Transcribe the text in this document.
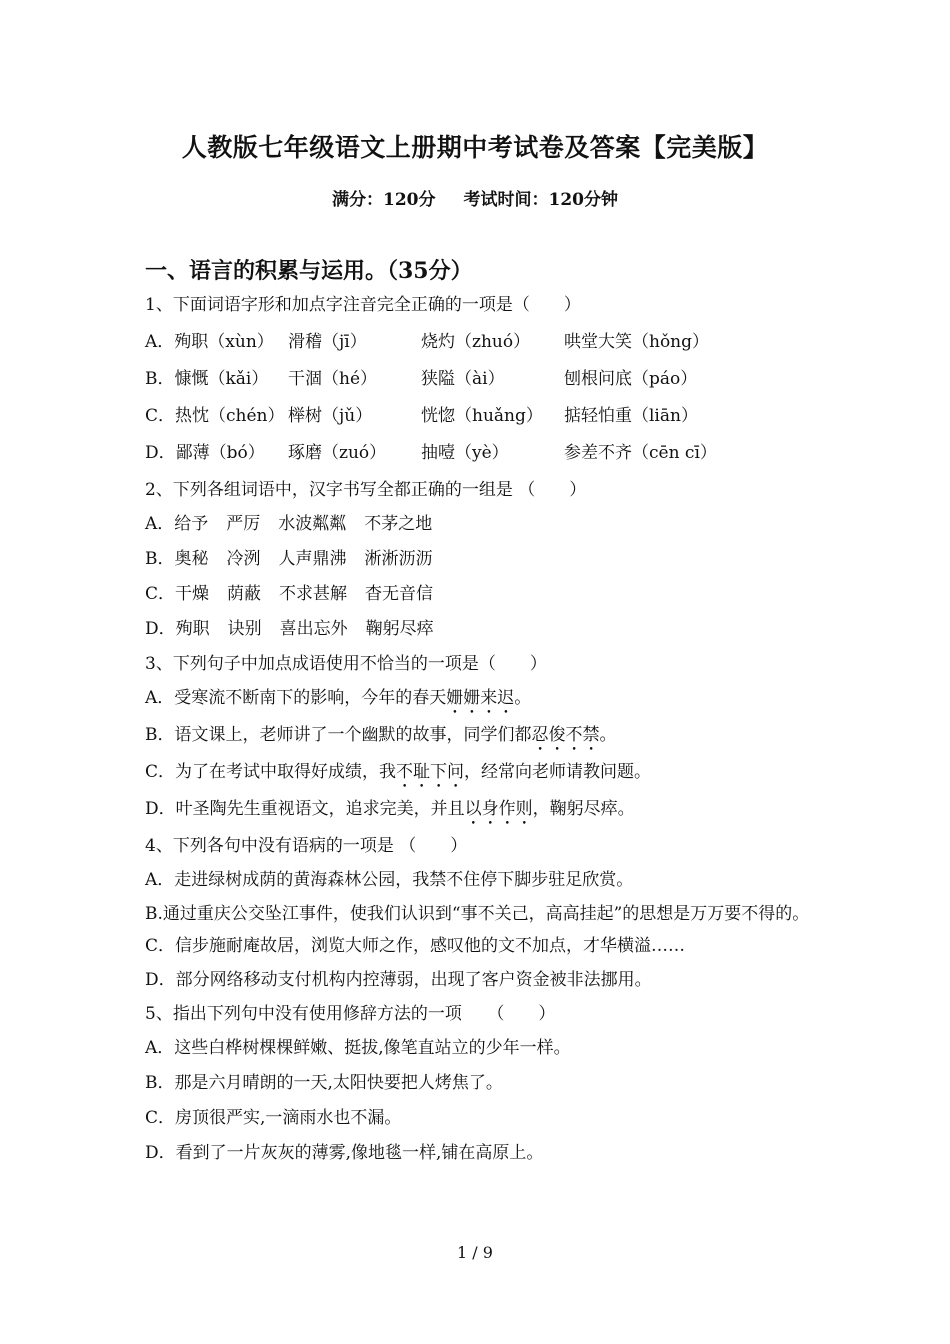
人教版七年级语文上册期中考试卷及答案【完美版】
满分：120分 考试时间：120分钟
一、语言的积累与运用。（35分）
1、下面词语字形和加点字注音完全正确的一项是（　　）
A．殉职（xùn） 滑稽（jī）	烧灼（zhuó） 哄堂大笑（hǒng）
B．慷慨（kǎi） 干涸（hé）	狭隘（ài）	刨根问底（páo）
C．热忱（chén） 榉树（jǔ）	恍惚（huǎng） 掂轻怕重（liān）
D．鄙薄（bó） 琢磨（zuó） 抽噎（yè）	参差不齐（cēn cī）
2、下列各组词语中，汉字书写全都正确的一组是 （　　）
A．给予 严厉 水波粼粼 不茅之地
B．奥秘 冷洌 人声鼎沸 淅淅沥沥
C．干燥 荫蔽 不求甚解 杳无音信
D．殉职 诀别 喜出忘外 鞠躬尽瘁
3、下列句子中加点成语使用不恰当的一项是（　　）
A．受寒流不断南下的影响，今年的春天姗姗来迟。
B．语文课上，老师讲了一个幽默的故事，同学们都忍俊不禁。
C．为了在考试中取得好成绩，我不耻下问，经常向老师请教问题。
D．叶圣陶先生重视语文，追求完美，并且以身作则，鞠躬尽瘁。
4、下列各句中没有语病的一项是 （　　）
A．走进绿树成荫的黄海森林公园，我禁不住停下脚步驻足欣赏。
B.通过重庆公交坠江事件，使我们认识到“事不关己，高高挂起”的思想是万万要不得的。
C．信步施耐庵故居，浏览大师之作，感叹他的文不加点，才华横溢……
D．部分网络移动支付机构内控薄弱，出现了客户资金被非法挪用。
5、指出下列句中没有使用修辞方法的一项　　（　　）
A．这些白桦树棵棵鲜嫩、挺拔,像笔直站立的少年一样。
B．那是六月晴朗的一天,太阳快要把人烤焦了。
C．房顶很严实,一滴雨水也不漏。
D．看到了一片灰灰的薄雾,像地毯一样,铺在高原上。
1 / 9
